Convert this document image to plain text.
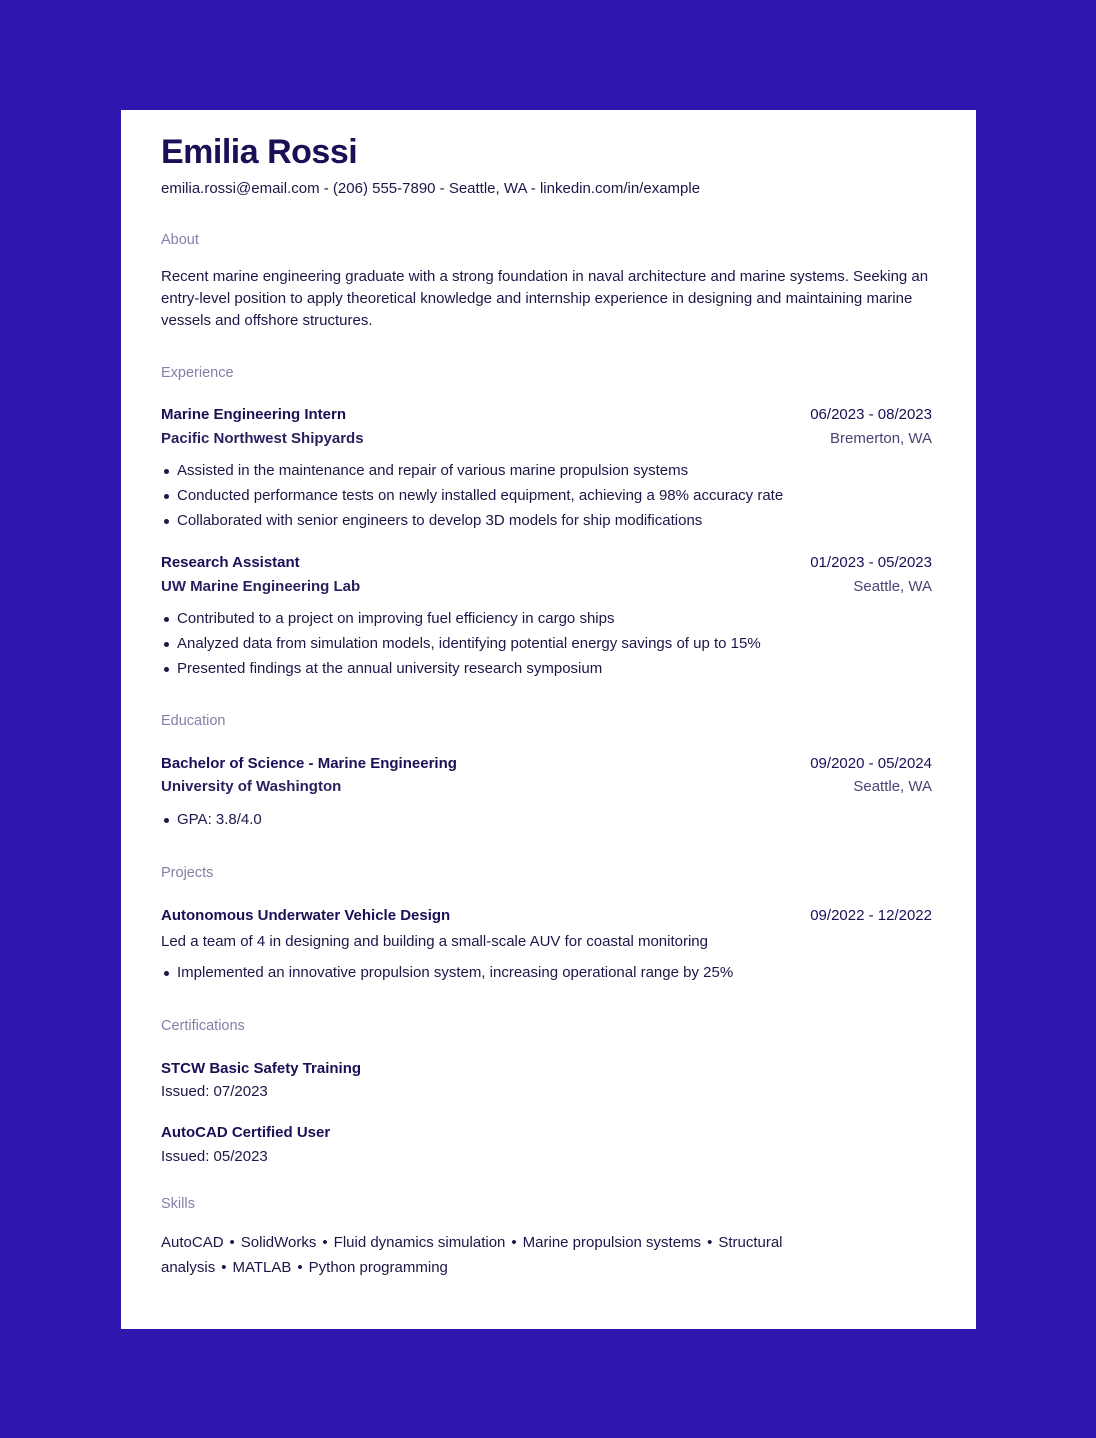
Emilia Rossi
emilia.rossi@email.com - (206) 555-7890 - Seattle, WA - linkedin.com/in/example
About
Recent marine engineering graduate with a strong foundation in naval architecture and marine systems. Seeking an entry-level position to apply theoretical knowledge and internship experience in designing and maintaining marine vessels and offshore structures.
Experience
Marine Engineering Intern	06/2023 - 08/2023
Pacific Northwest Shipyards	Bremerton, WA
Assisted in the maintenance and repair of various marine propulsion systems
Conducted performance tests on newly installed equipment, achieving a 98% accuracy rate
Collaborated with senior engineers to develop 3D models for ship modifications
Research Assistant	01/2023 - 05/2023
UW Marine Engineering Lab	Seattle, WA
Contributed to a project on improving fuel efficiency in cargo ships
Analyzed data from simulation models, identifying potential energy savings of up to 15%
Presented findings at the annual university research symposium
Education
Bachelor of Science - Marine Engineering	09/2020 - 05/2024
University of Washington	Seattle, WA
GPA: 3.8/4.0
Projects
Autonomous Underwater Vehicle Design	09/2022 - 12/2022
Led a team of 4 in designing and building a small-scale AUV for coastal monitoring
Implemented an innovative propulsion system, increasing operational range by 25%
Certifications
STCW Basic Safety Training
Issued: 07/2023
AutoCAD Certified User
Issued: 05/2023
Skills
AutoCAD • SolidWorks • Fluid dynamics simulation • Marine propulsion systems • Structural analysis • MATLAB • Python programming
